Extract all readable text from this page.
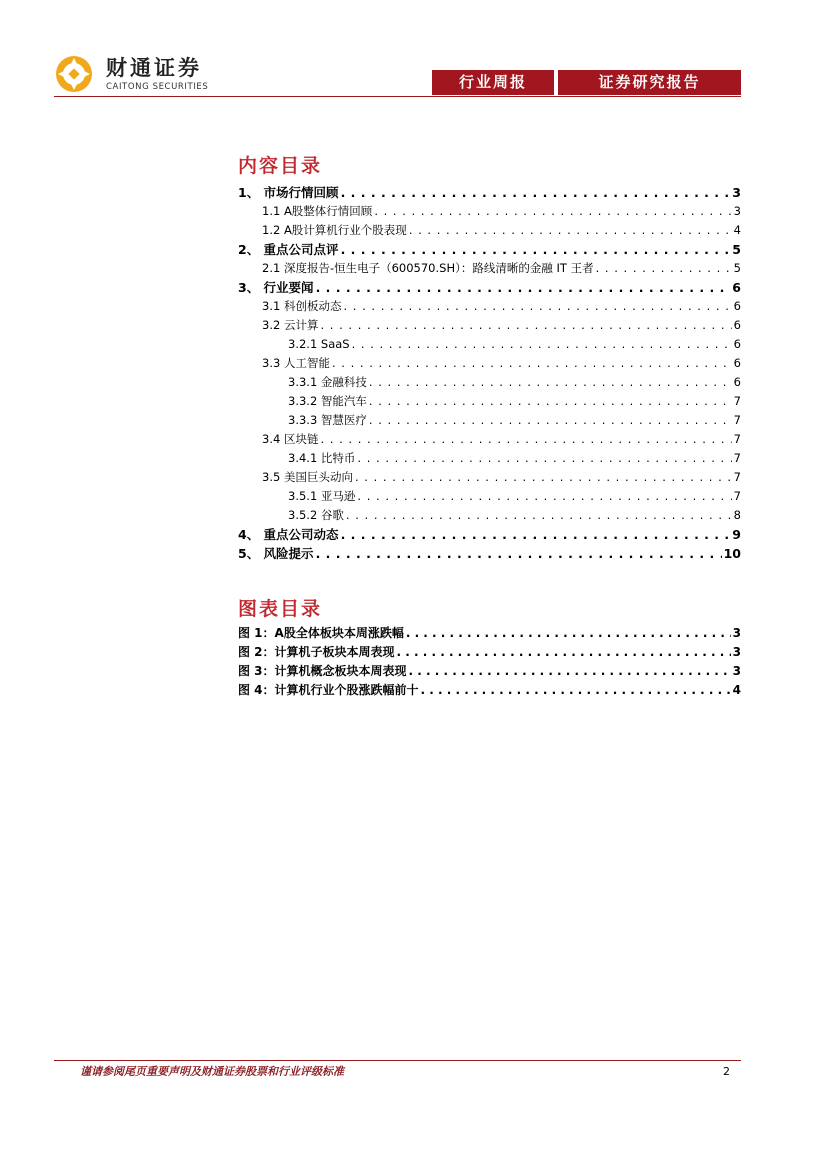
财通证券
CAITONG SECURITIES	行业周报	证券研究报告
内容目录
1、 市场行情回顾 . . .	3
1.1 A股整体行情回顾 . . .	3
1.2 A股计算机行业个股表现 . . .	4
2、 重点公司点评 . . .	5
2.1 深度报告-恒生电子（600570.SH）：路线清晰的金融 IT 王者 . . .	5
3、 行业要闻 . . .	6
3.1 科创板动态 . . .	6
3.2 云计算 . . .	6
3.2.1 SaaS . . .	6
3.3 人工智能 . . .	6
3.3.1 金融科技 . . .	6
3.3.2 智能汽车 . . .	7
3.3.3 智慧医疗 . . .	7
3.4 区块链 . . .	7
3.4.1 比特币 . . .	7
3.5 美国巨头动向 . . .	7
3.5.1 亚马逊 . . .	7
3.5.2 谷歌 . . .	8
4、 重点公司动态 . . .	9
5、 风险提示 . . .	10
图表目录
图 1：A股全体板块本周涨跌幅 . . .	3
图 2：计算机子板块本周表现 . . .	3
图 3：计算机概念板块本周表现 . . .	3
图 4：计算机行业个股涨跌幅前十 . . .	4
谨请参阅尾页重要声明及财通证券股票和行业评级标准	2
